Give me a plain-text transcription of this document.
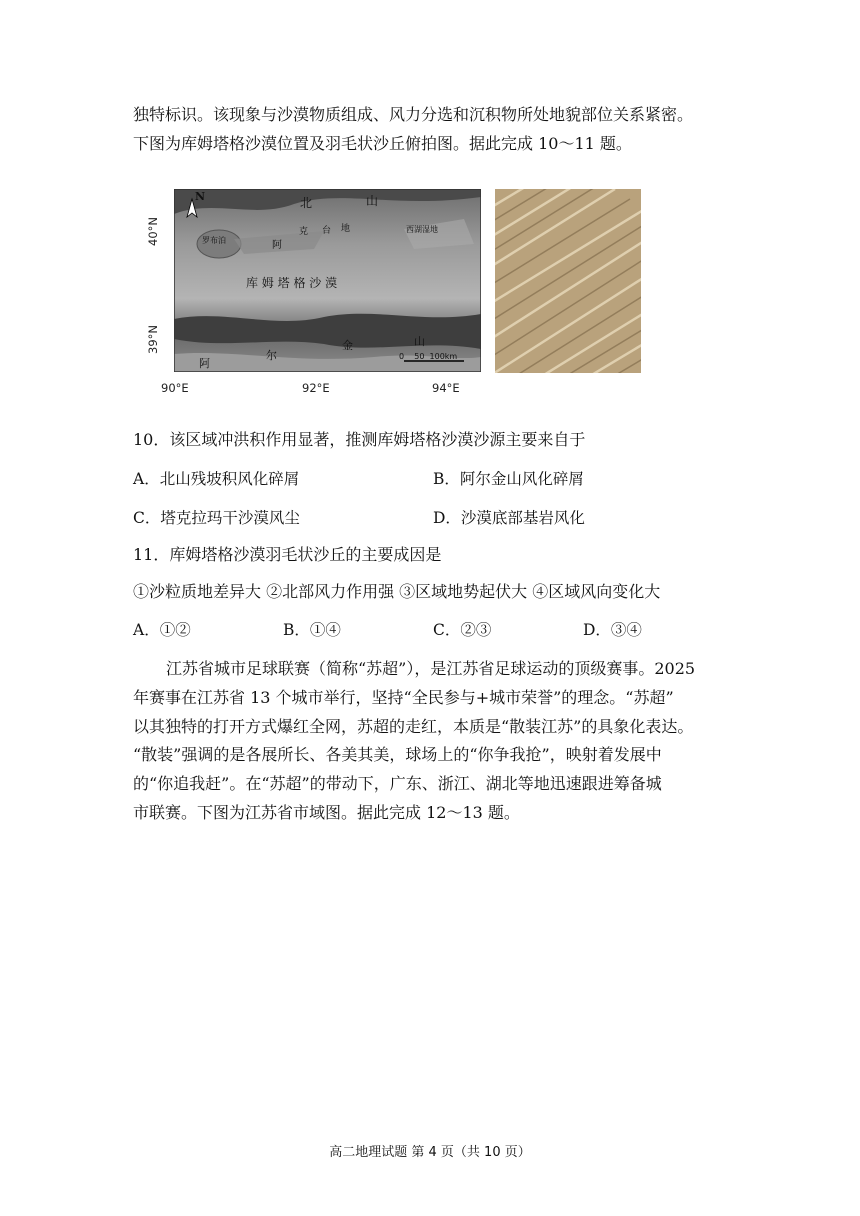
独特标识。该现象与沙漠物质组成、风力分选和沉积物所处地貌部位关系紧密。
下图为库姆塔格沙漠位置及羽毛状沙丘俯拍图。据此完成 10～11 题。
N	北	山
罗布泊	阿
克 台 地	西湖湿地
库 姆 塔 格 沙 漠
阿
尔
金	山
0    50  100km
40°N
39°N
90°E	92°E	94°E
10．该区域冲洪积作用显著，推测库姆塔格沙漠沙源主要来自于
A．北山残坡积风化碎屑	B．阿尔金山风化碎屑
C．塔克拉玛干沙漠风尘	D．沙漠底部基岩风化
11．库姆塔格沙漠羽毛状沙丘的主要成因是
①沙粒质地差异大 ②北部风力作用强 ③区域地势起伏大 ④区域风向变化大
A．①②	B．①④	C．②③	D．③④
江苏省城市足球联赛（简称“苏超”），是江苏省足球运动的顶级赛事。2025
年赛事在江苏省 13 个城市举行，坚持“全民参与+城市荣誉”的理念。“苏超”
以其独特的打开方式爆红全网，苏超的走红，本质是“散装江苏”的具象化表达。
“散装”强调的是各展所长、各美其美，球场上的“你争我抢”，映射着发展中
的“你追我赶”。在“苏超”的带动下，广东、浙江、湖北等地迅速跟进筹备城
市联赛。下图为江苏省市域图。据此完成 12～13 题。
高二地理试题 第 4 页（共 10 页）
